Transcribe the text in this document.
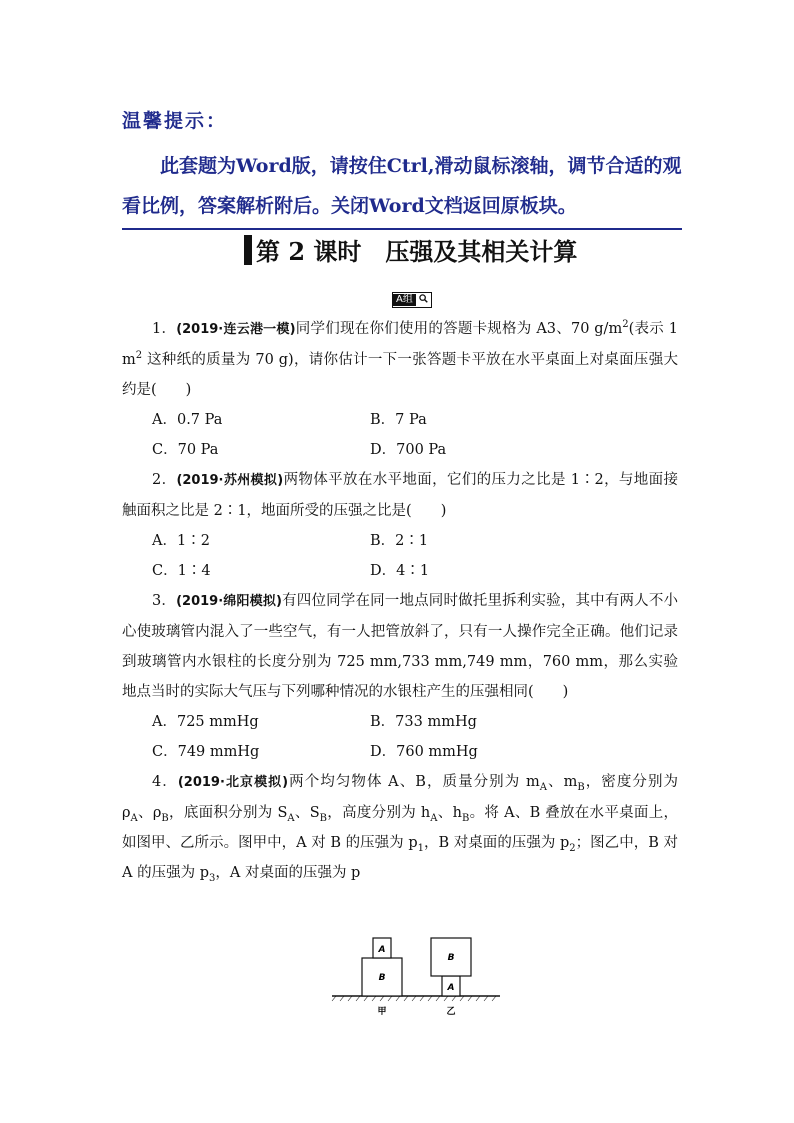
温馨提示：
此套题为Word版，请按住Ctrl,滑动鼠标滚轴，调节合适的观看比例，答案解析附后。关闭Word文档返回原板块。
第 2 课时　压强及其相关计算
A组

1．(2019·连云港一模)同学们现在你们使用的答题卡规格为 A3、70 $g/m^2$(表示 1 $m^2$ 这种纸的质量为 70 g)，请你估计一下一张答题卡平放在水平桌面上对桌面压强大约是(　　)

A．0.7 Pa	B．7 Pa
C．70 Pa	D．700 Pa

2．(2019·苏州模拟)两物体平放在水平地面，它们的压力之比是 1∶2，与地面接触面积之比是 2∶1，地面所受的压强之比是(　　)

A．1∶2	B．2∶1
C．1∶4	D．4∶1

3．(2019·绵阳模拟)有四位同学在同一地点同时做托里拆利实验，其中有两人不小心使玻璃管内混入了一些空气，有一人把管放斜了，只有一人操作完全正确。他们记录到玻璃管内水银柱的长度分别为 725 mm,733 mm,749 mm，760 mm，那么实验地点当时的实际大气压与下列哪种情况的水银柱产生的压强相同(　　)

A．725 mmHg	B．733 mmHg
C．749 mmHg	D．760 mmHg

4．(2019·北京模拟)两个均匀物体 A、B，质量分别为 $m_A$、$m_B$，密度分别为 $\rho_A$、$\rho_B$，底面积分别为 $S_A$、$S_B$，高度分别为 $h_A$、$h_B$。将 A、B 叠放在水平桌面上，如图甲、乙所示。图甲中，A 对 B 的压强为 $p_1$，B 对桌面的压强为 $p_2$；图乙中，B 对 A 的压强为 $p_3$，A 对桌面的压强为 p

B
A
甲
B
A
乙
